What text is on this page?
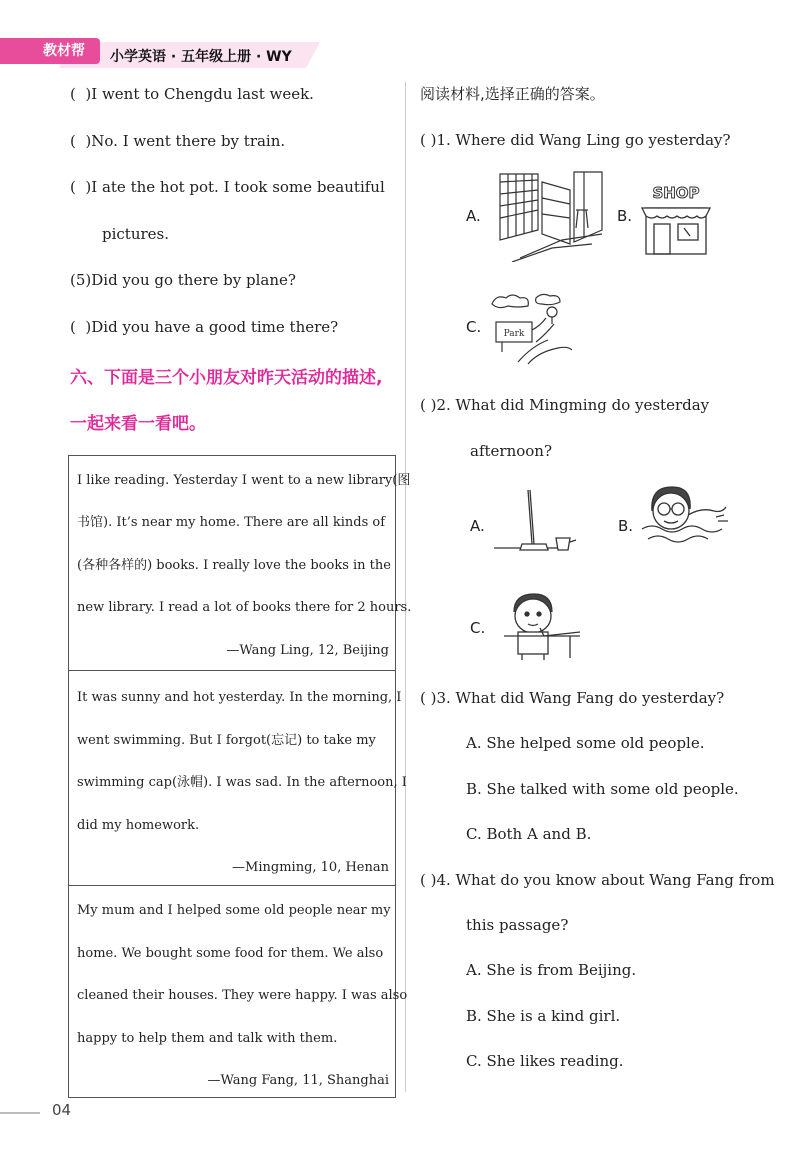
教材帮	小学英语 · 五年级上册 · WY
( )I went to Chengdu last week.
( )No. I went there by train.
( )I ate the hot pot. I took some beautiful
pictures.
(5)Did you go there by plane?
( )Did you have a good time there?
六、下面是三个小朋友对昨天活动的描述,
一起来看一看吧。
I like reading. Yesterday I went to a new library(图
书馆). It’s near my home. There are all kinds of
(各种各样的) books. I really love the books in the
new library. I read a lot of books there for 2 hours.
—Wang Ling, 12, Beijing
It was sunny and hot yesterday. In the morning, I
went swimming. But I forgot(忘记) to take my
swimming cap(泳帽). I was sad. In the afternoon, I
did my homework.
—Mingming, 10, Henan
My mum and I helped some old people near my
home. We bought some food for them. We also
cleaned their houses. They were happy. I was also
happy to help them and talk with them.
—Wang Fang, 11, Shanghai
阅读材料,选择正确的答案。
( )1. Where did Wang Ling go yesterday?
A.	B.
SHOP
C. Park
( )2. What did Mingming do yesterday
afternoon?
A.	B.
C.
( )3. What did Wang Fang do yesterday?
A. She helped some old people.
B. She talked with some old people.
C. Both A and B.
( )4. What do you know about Wang Fang from
this passage?
A. She is from Beijing.
B. She is a kind girl.
C. She likes reading.
04
